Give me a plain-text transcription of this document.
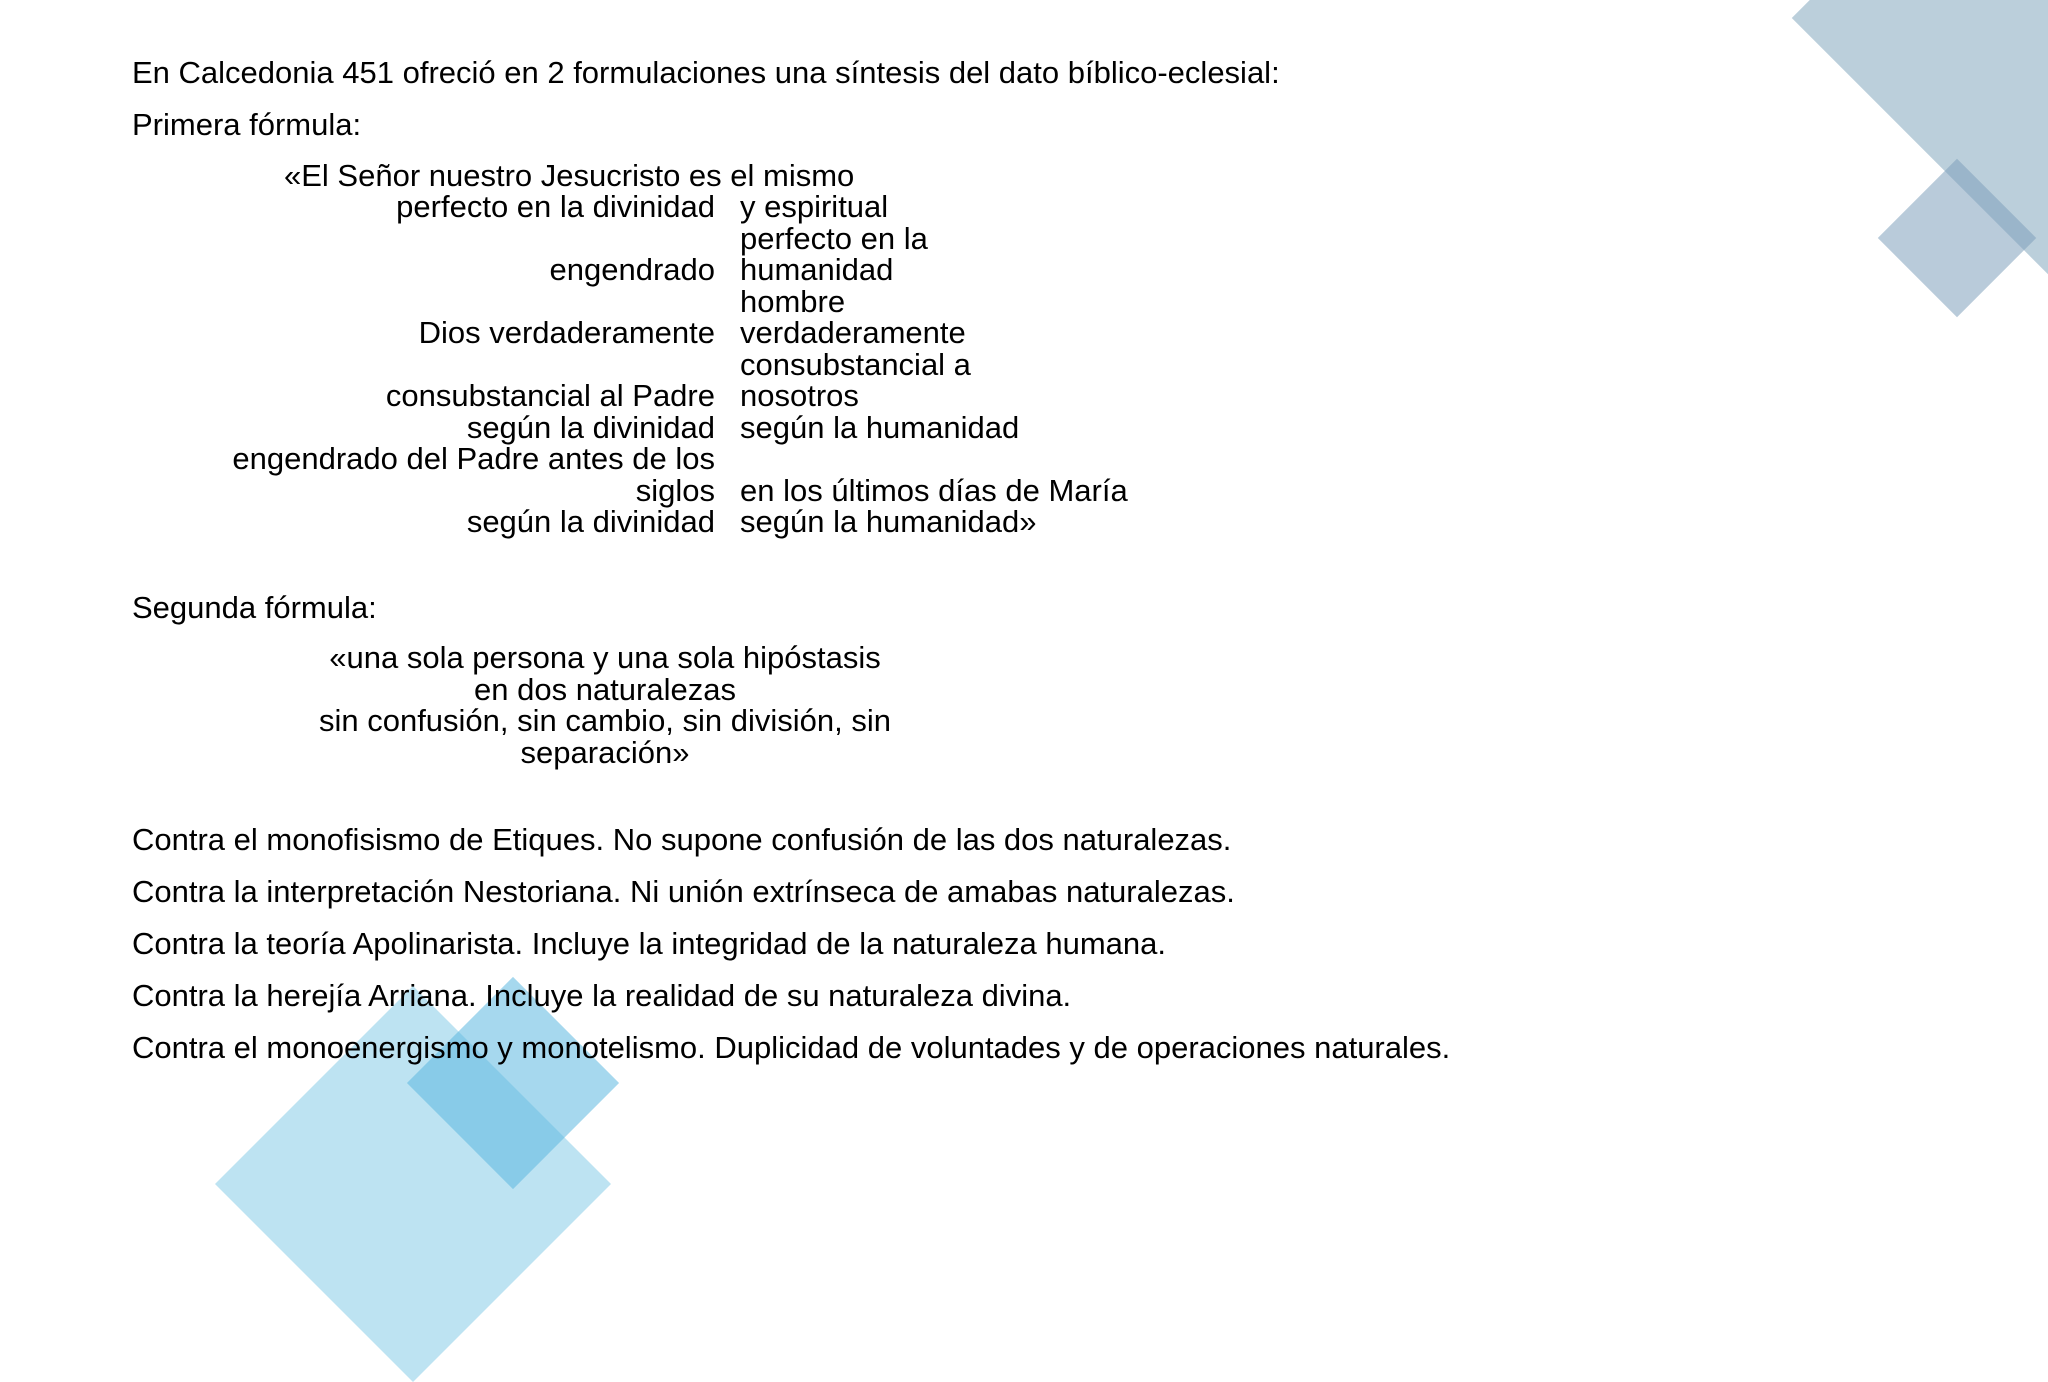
En Calcedonia 451 ofreció en 2 formulaciones una síntesis del dato bíblico-eclesial:
Primera fórmula:
«El Señor nuestro Jesucristo es el mismo
perfecto en la divinidad y espiritual
engendrado
perfecto en la humanidad
Dios verdaderamente
hombre verdaderamente
consubstancial al Padre
consubstancial a nosotros
según la divinidad según la humanidad
engendrado del Padre antes de los siglos en los últimos días de María
según la divinidad según la humanidad»
Segunda fórmula:
«una sola persona y una sola hipóstasis
en dos naturalezas
sin confusión, sin cambio, sin división, sin
separación»
Contra el monofisismo de Etiques. No supone confusión de las dos naturalezas.
Contra la interpretación Nestoriana. Ni unión extrínseca de amabas naturalezas.
Contra la teoría Apolinarista. Incluye la integridad de la naturaleza humana.
Contra la herejía Arriana. Incluye la realidad de su naturaleza divina.
Contra el monoenergismo y monotelismo. Duplicidad de voluntades y de operaciones naturales.
